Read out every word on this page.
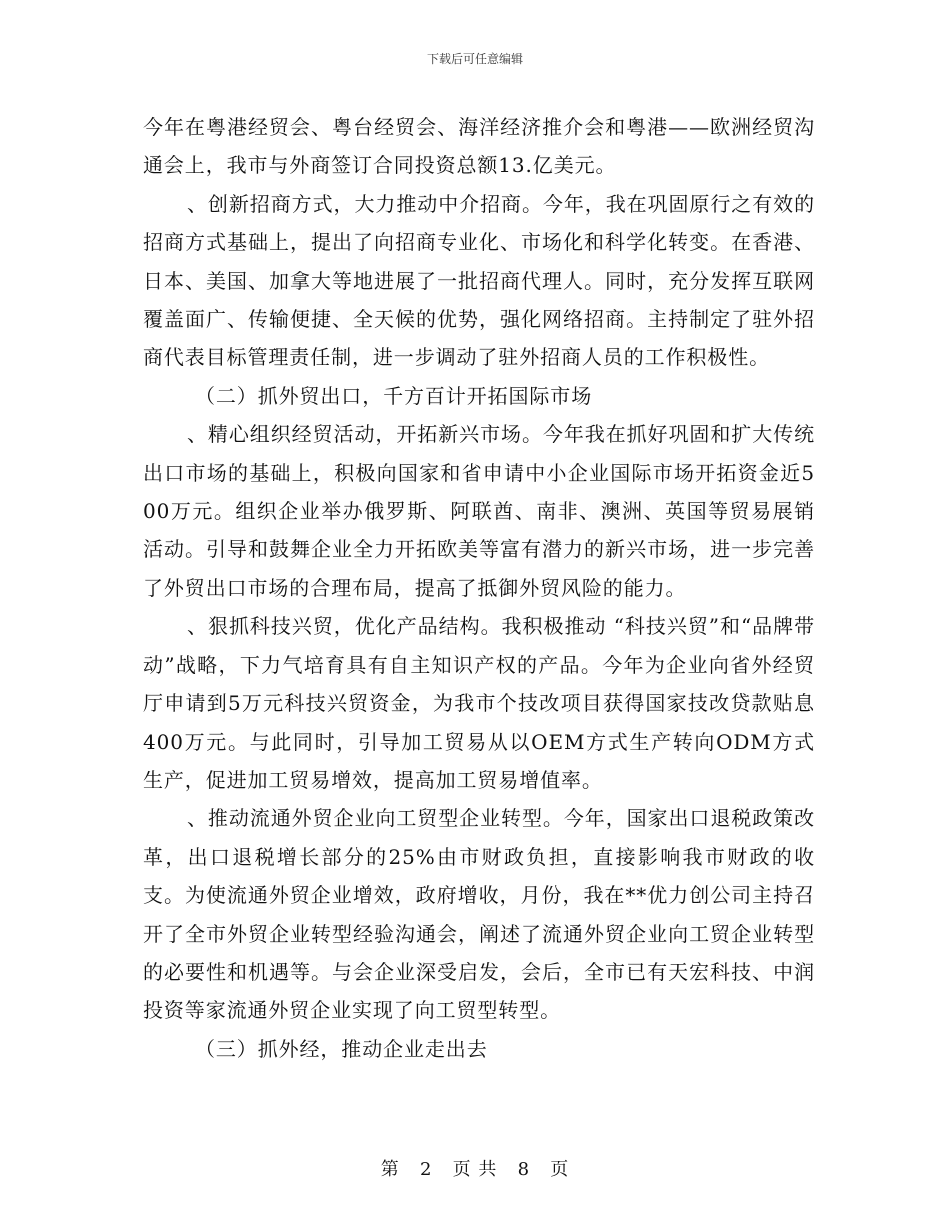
下载后可任意编辑

今年在粤港经贸会、粤台经贸会、海洋经济推介会和粤港——欧洲经贸沟通会上，我市与外商签订合同投资总额13.亿美元。

、创新招商方式，大力推动中介招商。今年，我在巩固原行之有效的招商方式基础上，提出了向招商专业化、市场化和科学化转变。在香港、日本、美国、加拿大等地进展了一批招商代理人。同时，充分发挥互联网覆盖面广、传输便捷、全天候的优势，强化网络招商。主持制定了驻外招商代表目标管理责任制，进一步调动了驻外招商人员的工作积极性。

（二）抓外贸出口，千方百计开拓国际市场

、精心组织经贸活动，开拓新兴市场。今年我在抓好巩固和扩大传统出口市场的基础上，积极向国家和省申请中小企业国际市场开拓资金近500万元。组织企业举办俄罗斯、阿联酋、南非、澳洲、英国等贸易展销活动。引导和鼓舞企业全力开拓欧美等富有潜力的新兴市场，进一步完善了外贸出口市场的合理布局，提高了抵御外贸风险的能力。

、狠抓科技兴贸，优化产品结构。我积极推动 “科技兴贸”和“品牌带动”战略，下力气培育具有自主知识产权的产品。今年为企业向省外经贸厅申请到5万元科技兴贸资金，为我市个技改项目获得国家技改贷款贴息400万元。与此同时，引导加工贸易从以OEM方式生产转向ODM方式生产，促进加工贸易增效，提高加工贸易增值率。

、推动流通外贸企业向工贸型企业转型。今年，国家出口退税政策改革，出口退税增长部分的25%由市财政负担，直接影响我市财政的收支。为使流通外贸企业增效，政府增收，月份，我在**优力创公司主持召开了全市外贸企业转型经验沟通会，阐述了流通外贸企业向工贸企业转型的必要性和机遇等。与会企业深受启发，会后，全市已有天宏科技、中润投资等家流通外贸企业实现了向工贸型转型。

（三）抓外经，推动企业走出去

第 2 页 共 8 页
